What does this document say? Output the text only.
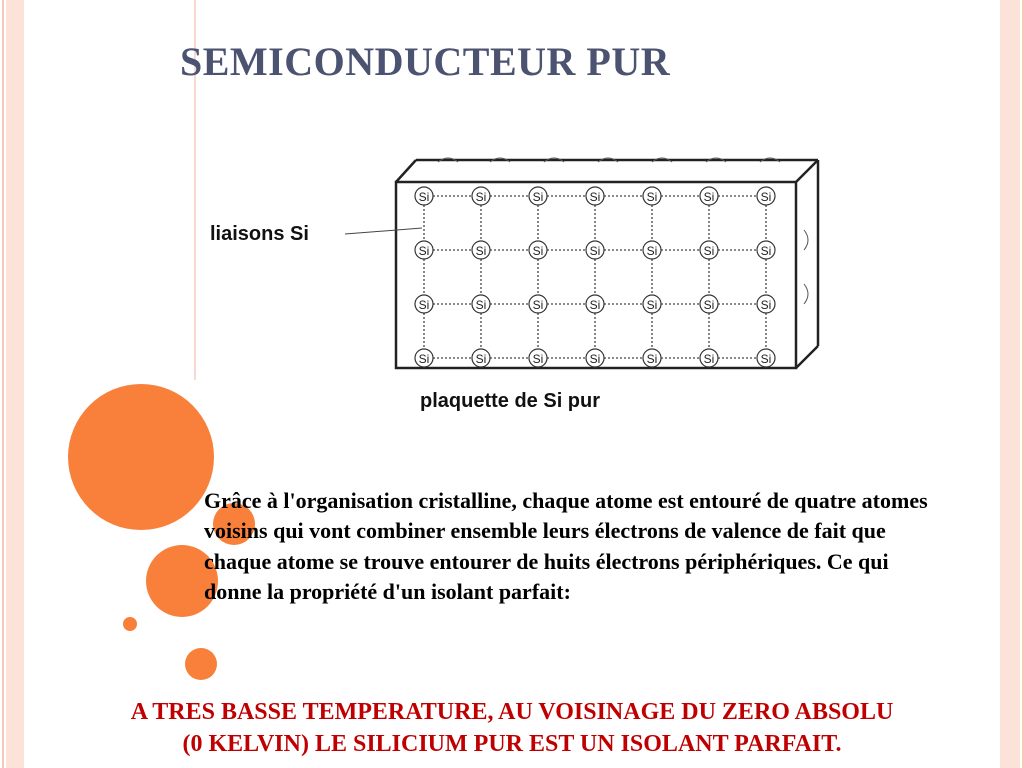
SEMICONDUCTEUR PUR
Si	Si	Si	Si	Si	Si	Si
Si	Si	Si	Si	Si	Si	Si
Si	Si	Si	Si	Si	Si	Si
Si	Si	Si	Si	Si	Si	Si
liaisons Si
plaquette de Si pur

Grâce à l'organisation cristalline, chaque atome est entouré de quatre atomes voisins qui vont combiner ensemble leurs électrons de valence de fait que chaque atome se trouve entourer de huits électrons périphériques. Ce qui donne la propriété d'un isolant parfait:

A TRES BASSE TEMPERATURE, AU VOISINAGE DU ZERO ABSOLU
(0 KELVIN) LE SILICIUM PUR EST UN ISOLANT PARFAIT.
